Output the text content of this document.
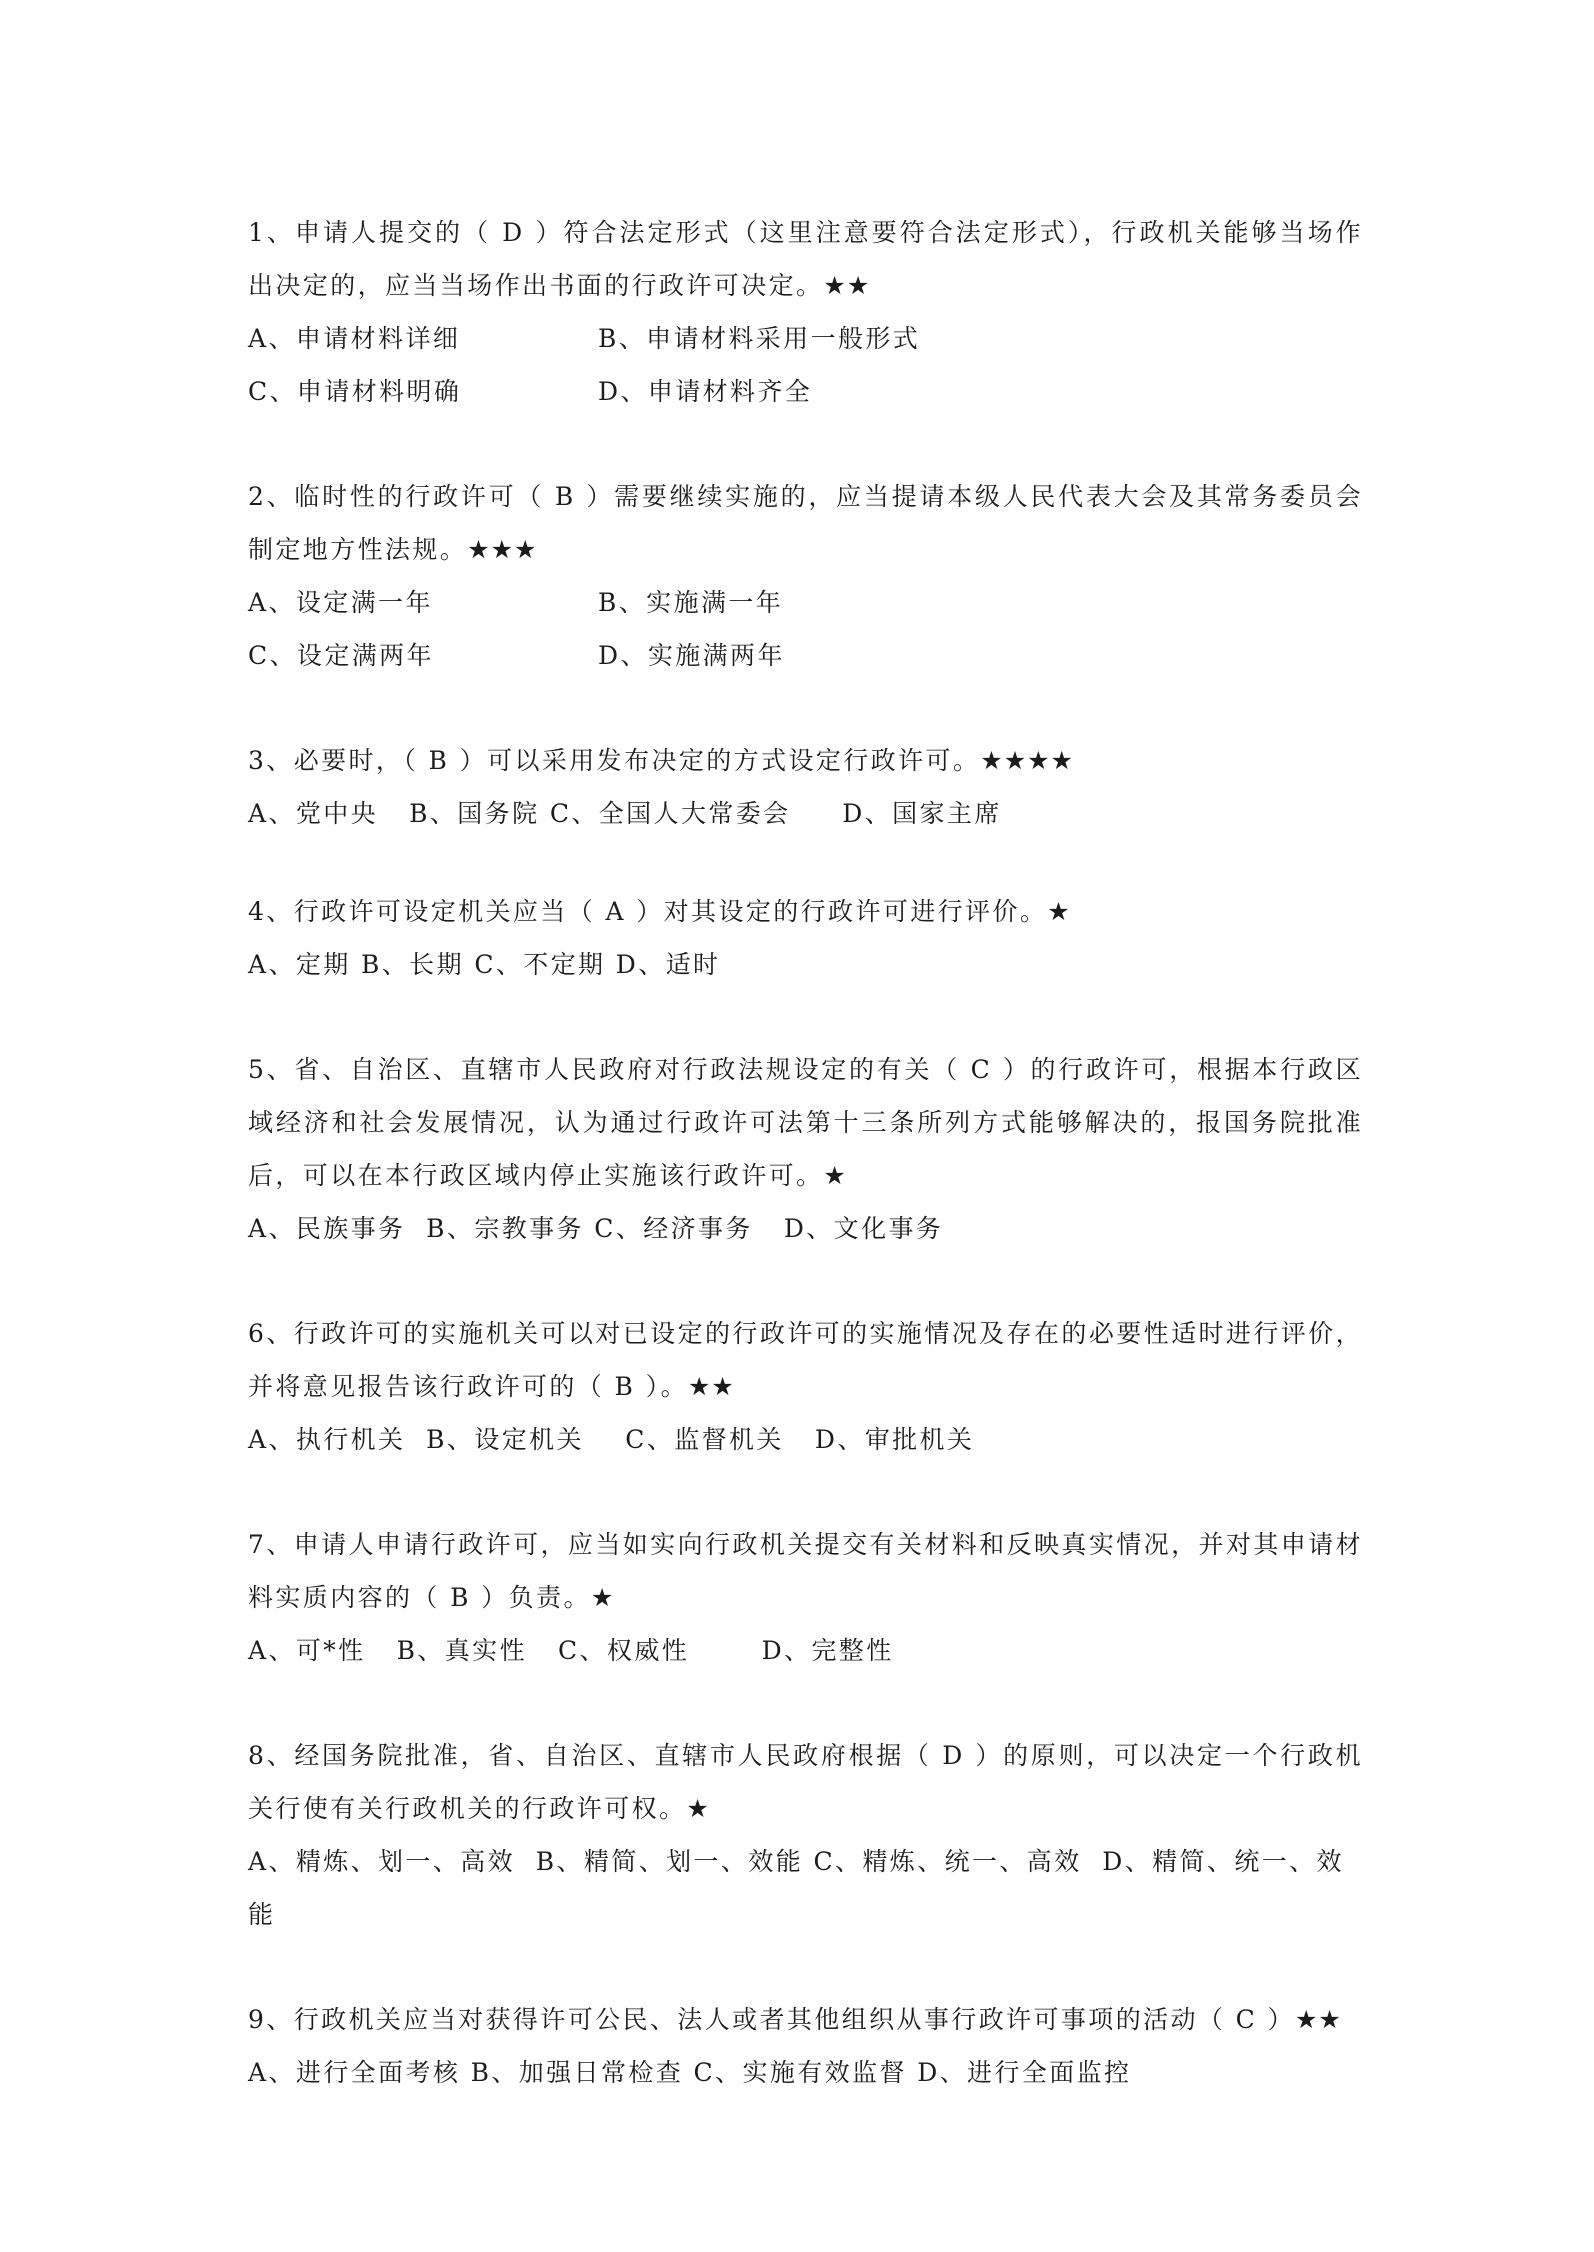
1、申请人提交的（ D ）符合法定形式（这里注意要符合法定形式），行政机关能够当场作出决定的，应当当场作出书面的行政许可决定。★★

A、申请材料详细	B、申请材料采用一般形式
C、申请材料明确	D、申请材料齐全

2、临时性的行政许可（ B ）需要继续实施的，应当提请本级人民代表大会及其常务委员会制定地方性法规。★★★

A、设定满一年	B、实施满一年
C、设定满两年	D、实施满两年

3、必要时，（ B ）可以采用发布决定的方式设定行政许可。★★★★

A、党中央   B、国务院 C、全国人大常委会     D、国家主席

4、行政许可设定机关应当（ A ）对其设定的行政许可进行评价。★

A、定期 B、长期 C、不定期 D、适时

5、省、自治区、直辖市人民政府对行政法规设定的有关（ C ）的行政许可，根据本行政区域经济和社会发展情况，认为通过行政许可法第十三条所列方式能够解决的，报国务院批准后，可以在本行政区域内停止实施该行政许可。★

A、民族事务  B、宗教事务 C、经济事务   D、文化事务

6、行政许可的实施机关可以对已设定的行政许可的实施情况及存在的必要性适时进行评价，并将意见报告该行政许可的（ B ）。★★

A、执行机关  B、设定机关    C、监督机关   D、审批机关

7、申请人申请行政许可，应当如实向行政机关提交有关材料和反映真实情况，并对其申请材料实质内容的（ B ）负责。★

A、可*性   B、真实性   C、权威性       D、完整性

8、经国务院批准，省、自治区、直辖市人民政府根据（ D ）的原则，可以决定一个行政机关行使有关行政机关的行政许可权。★

A、精炼、划一、高效  B、精简、划一、效能 C、精炼、统一、高效  D、精简、统一、效能

9、行政机关应当对获得许可公民、法人或者其他组织从事行政许可事项的活动（ C ）★★

A、进行全面考核 B、加强日常检查 C、实施有效监督 D、进行全面监控
